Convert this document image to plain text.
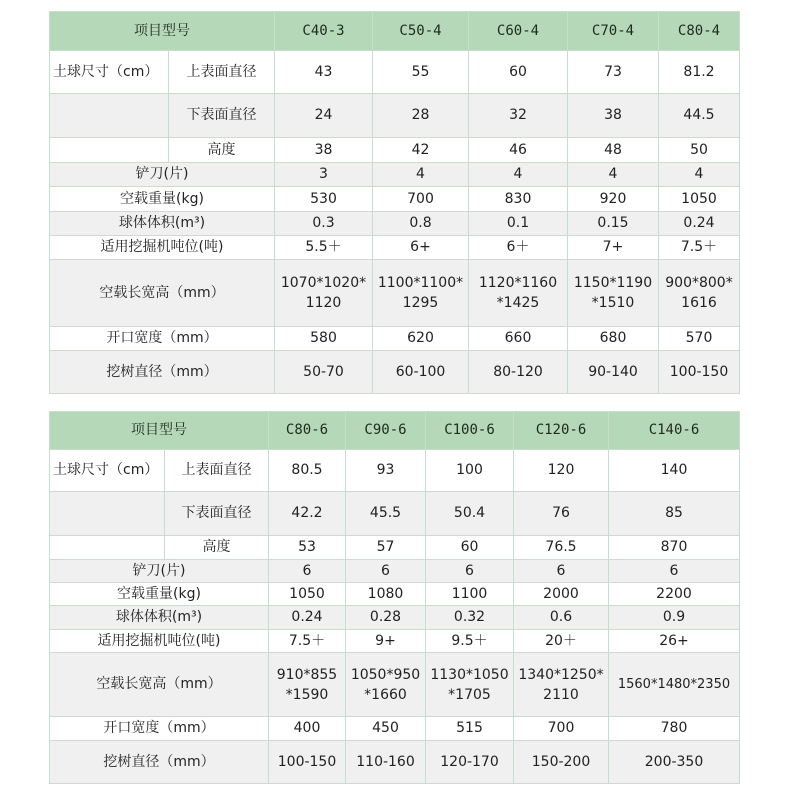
项目型号		C40-3	C50-4	C60-4	C70-4	C80-4
土球尺寸（cm）	上表面直径	43	55	60	73	81.2
	下表面直径	24	28	32	38	44.5
	高度	38	42	46	48	50
铲刀(片)		3	4	4	4	4
空载重量(kg)		530	700	830	920	1050
球体体积(m³)		0.3	0.8	0.1	0.15	0.24
适用挖掘机吨位(吨)		5.5＋	6+	6＋	7+	7.5＋
空载长宽高（mm）		1070*1020* 1120	1100*1100* 1295	1120*1160 *1425	1150*1190 *1510	900*800* 1616
开口宽度（mm）		580	620	660	680	570
挖树直径（mm）		50-70	60-100	80-120	90-140	100-150
项目型号		C80-6	C90-6	C100-6	C120-6	C140-6
土球尺寸（cm）	上表面直径	80.5	93	100	120	140
	下表面直径	42.2	45.5	50.4	76	85
	高度	53	57	60	76.5	870
铲刀(片)		6	6	6	6	6
空载重量(kg)		1050	1080	1100	2000	2200
球体体积(m³)		0.24	0.28	0.32	0.6	0.9
适用挖掘机吨位(吨)		7.5＋	9+	9.5＋	20＋	26+
空载长宽高（mm）		910*855 *1590	1050*950 *1660	1130*1050 *1705	1340*1250* 2110	1560*1480*2350
开口宽度（mm）		400	450	515	700	780
挖树直径（mm）		100-150	110-160	120-170	150-200	200-350
